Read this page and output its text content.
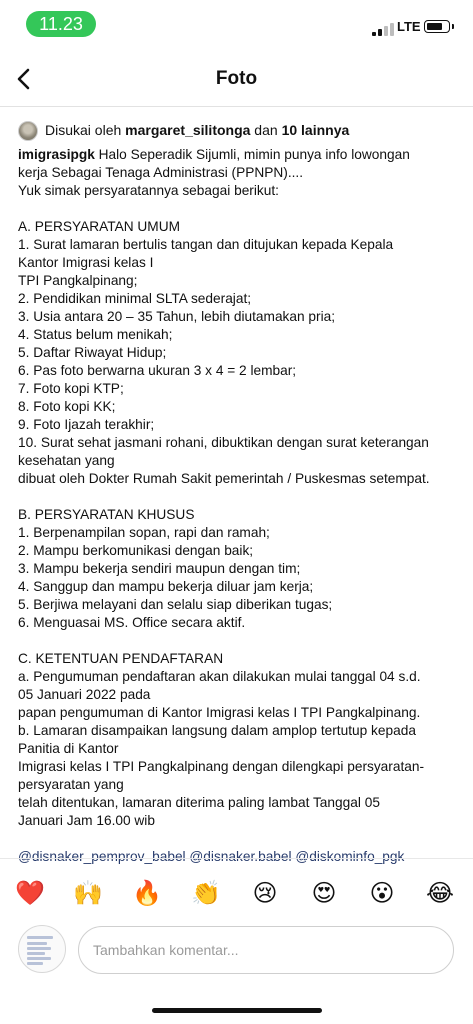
11.23	LTE
Foto
Disukai oleh margaret_silitonga dan 10 lainnya
imigrasipgk Halo Seperadik Sijumli, mimin punya info lowongan
kerja Sebagai Tenaga Administrasi (PPNPN)....
Yuk simak persyaratannya sebagai berikut:
A. PERSYARATAN UMUM
1. Surat lamaran bertulis tangan dan ditujukan kepada Kepala
Kantor Imigrasi kelas I
TPI Pangkalpinang;
2. Pendidikan minimal SLTA sederajat;
3. Usia antara 20 – 35 Tahun, lebih diutamakan pria;
4. Status belum menikah;
5. Daftar Riwayat Hidup;
6. Pas foto berwarna ukuran 3 x 4 = 2 lembar;
7. Foto kopi KTP;
8. Foto kopi KK;
9. Foto Ijazah terakhir;
10. Surat sehat jasmani rohani, dibuktikan dengan surat keterangan
kesehatan yang
dibuat oleh Dokter Rumah Sakit pemerintah / Puskesmas setempat.
B. PERSYARATAN KHUSUS
1. Berpenampilan sopan, rapi dan ramah;
2. Mampu berkomunikasi dengan baik;
3. Mampu bekerja sendiri maupun dengan tim;
4. Sanggup dan mampu bekerja diluar jam kerja;
5. Berjiwa melayani dan selalu siap diberikan tugas;
6. Menguasai MS. Office secara aktif.
C. KETENTUAN PENDAFTARAN
a. Pengumuman pendaftaran akan dilakukan mulai tanggal 04 s.d.
05 Januari 2022 pada
papan pengumuman di Kantor Imigrasi kelas I TPI Pangkalpinang.
b. Lamaran disampaikan langsung dalam amplop tertutup kepada
Panitia di Kantor
Imigrasi kelas I TPI Pangkalpinang dengan dilengkapi persyaratan-
persyaratan yang
telah ditentukan, lamaran diterima paling lambat Tanggal 05
Januari Jam 16.00 wib
@disnaker_pemprov_babel @disnaker.babel @diskominfo_pgk
❤️ 🙌 🔥 👏 😢 😍 😮 😂
Tambahkan komentar...
